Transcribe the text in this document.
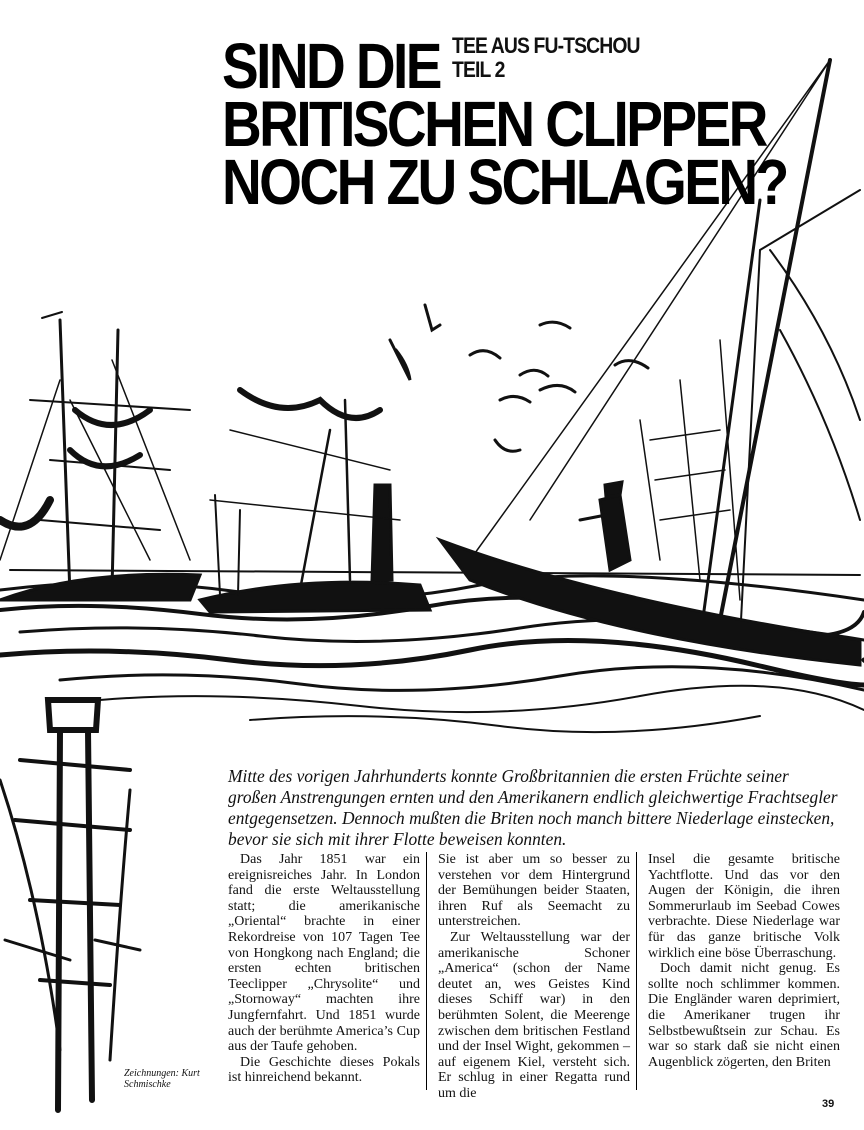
SIND DIE TEE AUS FU-TSCHOU
TEIL 2
BRITISCHEN CLIPPER
NOCH ZU SCHLAGEN?

Mitte des vorigen Jahrhunderts konnte Großbritannien die ersten Früchte seiner großen Anstrengungen ernten und den Amerikanern endlich gleichwertige Frachtsegler entgegensetzen. Dennoch mußten die Briten noch manch bittere Niederlage einstecken, bevor sie sich mit ihrer Flotte beweisen konnten.

Das Jahr 1851 war ein ereignisreiches Jahr. In London fand die erste Weltausstellung statt; die amerikanische „Oriental“ brachte in einer Rekordreise von 107 Tagen Tee von Hongkong nach England; die ersten echten britischen Teeclipper „Chrysolite“ und „Stornoway“ machten ihre Jungfernfahrt. Und 1851 wurde auch der berühmte America’s Cup aus der Taufe gehoben.

Die Geschichte dieses Pokals ist hinreichend bekannt.

Sie ist aber um so besser zu verstehen vor dem Hintergrund der Bemühungen beider Staaten, ihren Ruf als Seemacht zu unterstreichen.

Zur Weltausstellung war der amerikanische Schoner „America“ (schon der Name deutet an, wes Geistes Kind dieses Schiff war) in den berühmten Solent, die Meerenge zwischen dem britischen Festland und der Insel Wight, gekommen – auf eigenem Kiel, versteht sich. Er schlug in einer Regatta rund um die

Insel die gesamte britische Yachtflotte. Und das vor den Augen der Königin, die ihren Sommerurlaub im Seebad Cowes verbrachte. Diese Niederlage war für das ganze britische Volk wirklich eine böse Überraschung.

Doch damit nicht genug. Es sollte noch schlimmer kommen. Die Engländer waren deprimiert, die Amerikaner trugen ihr Selbstbewußtsein zur Schau. Es war so stark daß sie nicht einen Augenblick zögerten, den Briten

Zeichnungen: Kurt
Schmischke
39
